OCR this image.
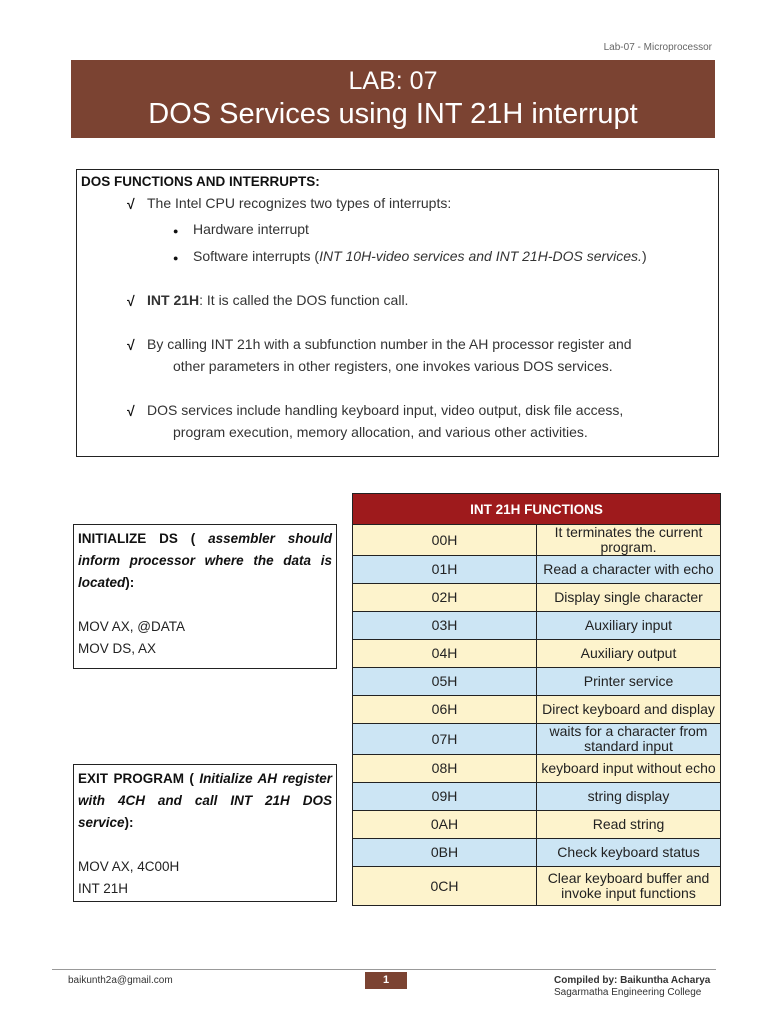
Lab-07 - Microprocessor
LAB: 07
DOS Services using INT 21H interrupt
DOS FUNCTIONS AND INTERRUPTS:
√ The Intel CPU recognizes two types of interrupts:
● Hardware interrupt
● Software interrupts (INT 10H-video services and INT 21H-DOS services.)
√ INT 21H: It is called the DOS function call.
√ By calling INT 21h with a subfunction number in the AH processor register and
other parameters in other registers, one invokes various DOS services.
√ DOS services include handling keyboard input, video output, disk file access,
program execution, memory allocation, and various other activities.
INITIALIZE DS ( assembler should inform processor where the data is located):
MOV AX, @DATA
MOV DS, AX
EXIT PROGRAM ( Initialize AH register with 4CH and call INT 21H DOS service):
MOV AX, 4C00H
INT 21H
INT 21H FUNCTIONS	
00H	It terminates the current program.
01H	Read a character with echo
02H	Display single character
03H	Auxiliary input
04H	Auxiliary output
05H	Printer service
06H	Direct keyboard and display
07H	waits for a character from standard input
08H	keyboard input without echo
09H	string display
0AH	Read string
0BH	Check keyboard status
0CH	Clear keyboard buffer and invoke input functions
baikunth2a@gmail.com	1	Compiled by: Baikuntha Acharya
Sagarmatha Engineering College
